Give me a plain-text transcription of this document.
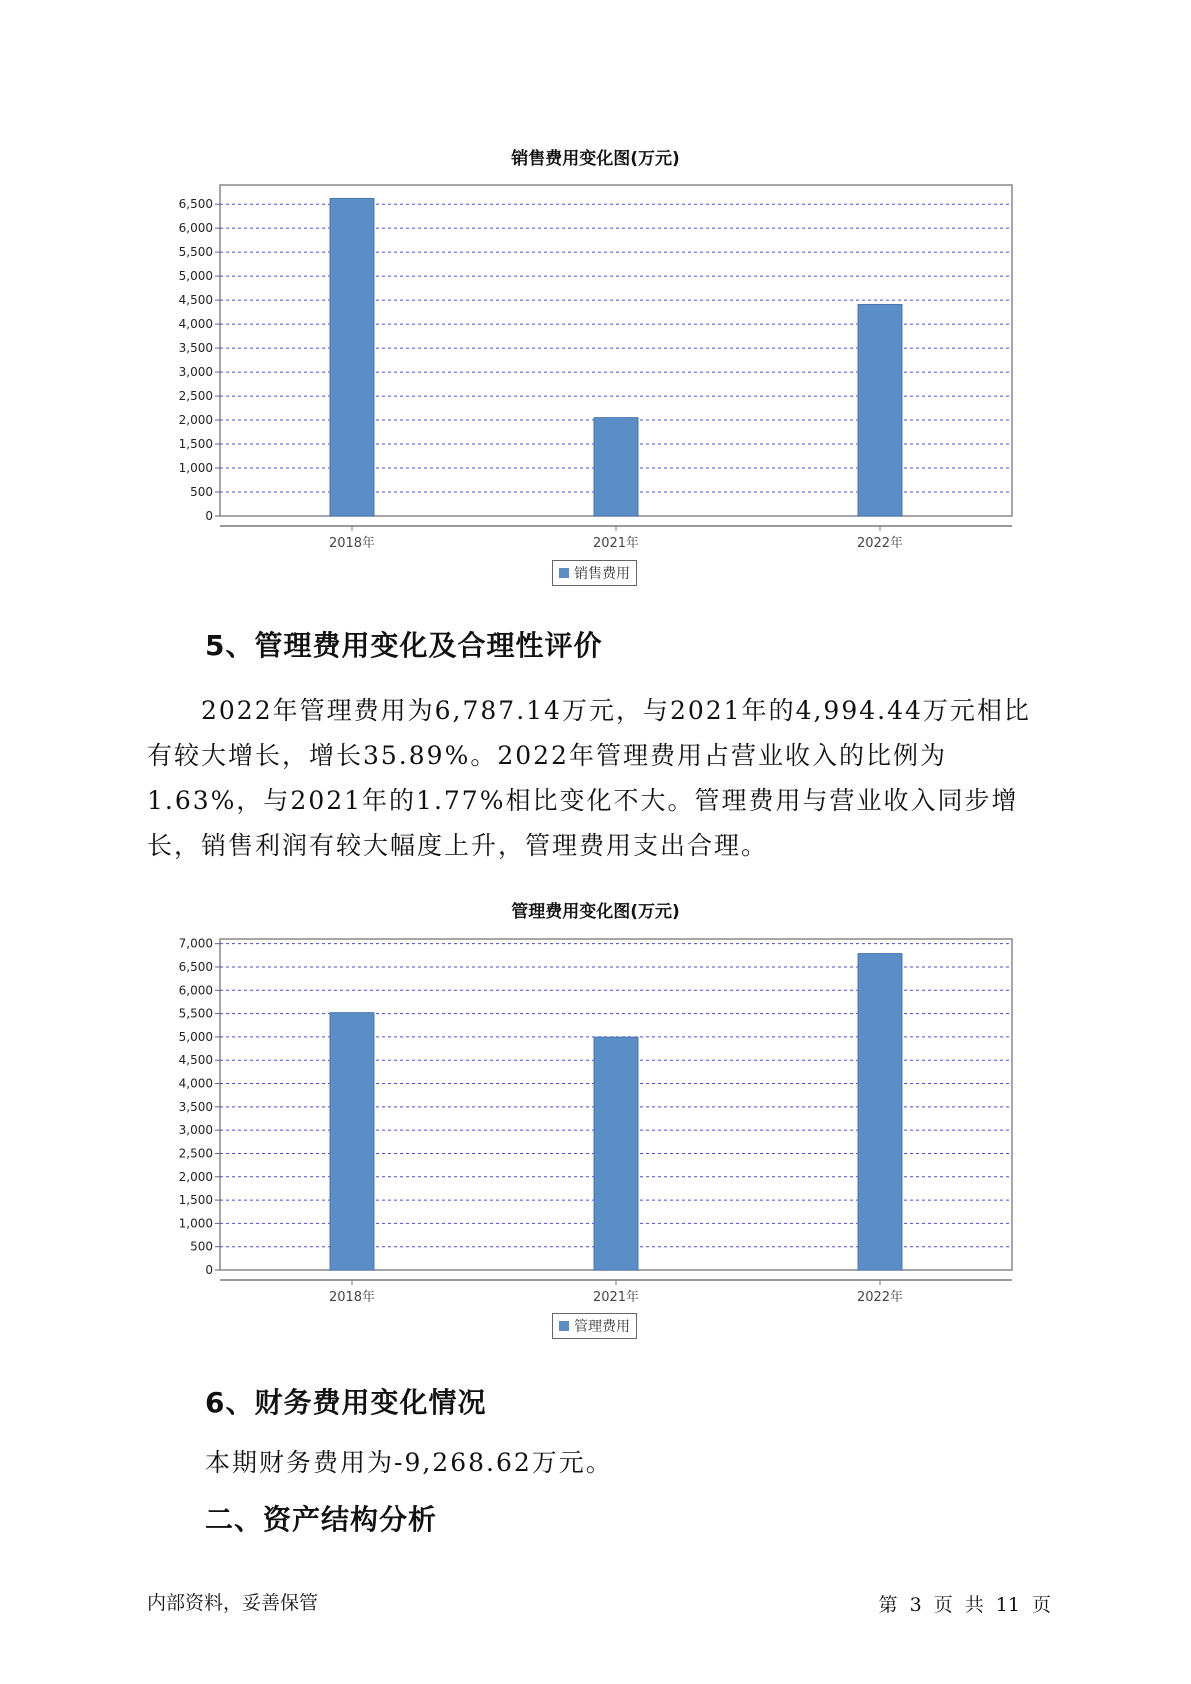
销售费用变化图(万元)
0
500
1,000
1,500
2,000
2,500
3,000
3,500
4,000
4,500
5,000
5,500
6,000
6,500
2018年	2021年	2022年
销售费用
5、管理费用变化及合理性评价
2022年管理费用为6,787.14万元，与2021年的4,994.44万元相比有较大增长，增长35.89%。2022年管理费用占营业收入的比例为1.63%，与2021年的1.77%相比变化不大。管理费用与营业收入同步增长，销售利润有较大幅度上升，管理费用支出合理。
管理费用变化图(万元)
0
500
1,000
1,500
2,000
2,500
3,000
3,500
4,000
4,500
5,000
5,500
6,000
6,500
7,000
2018年	2021年	2022年
管理费用
6、财务费用变化情况
本期财务费用为-9,268.62万元。
二、资产结构分析
内部资料，妥善保管	第 3 页 共 11 页
